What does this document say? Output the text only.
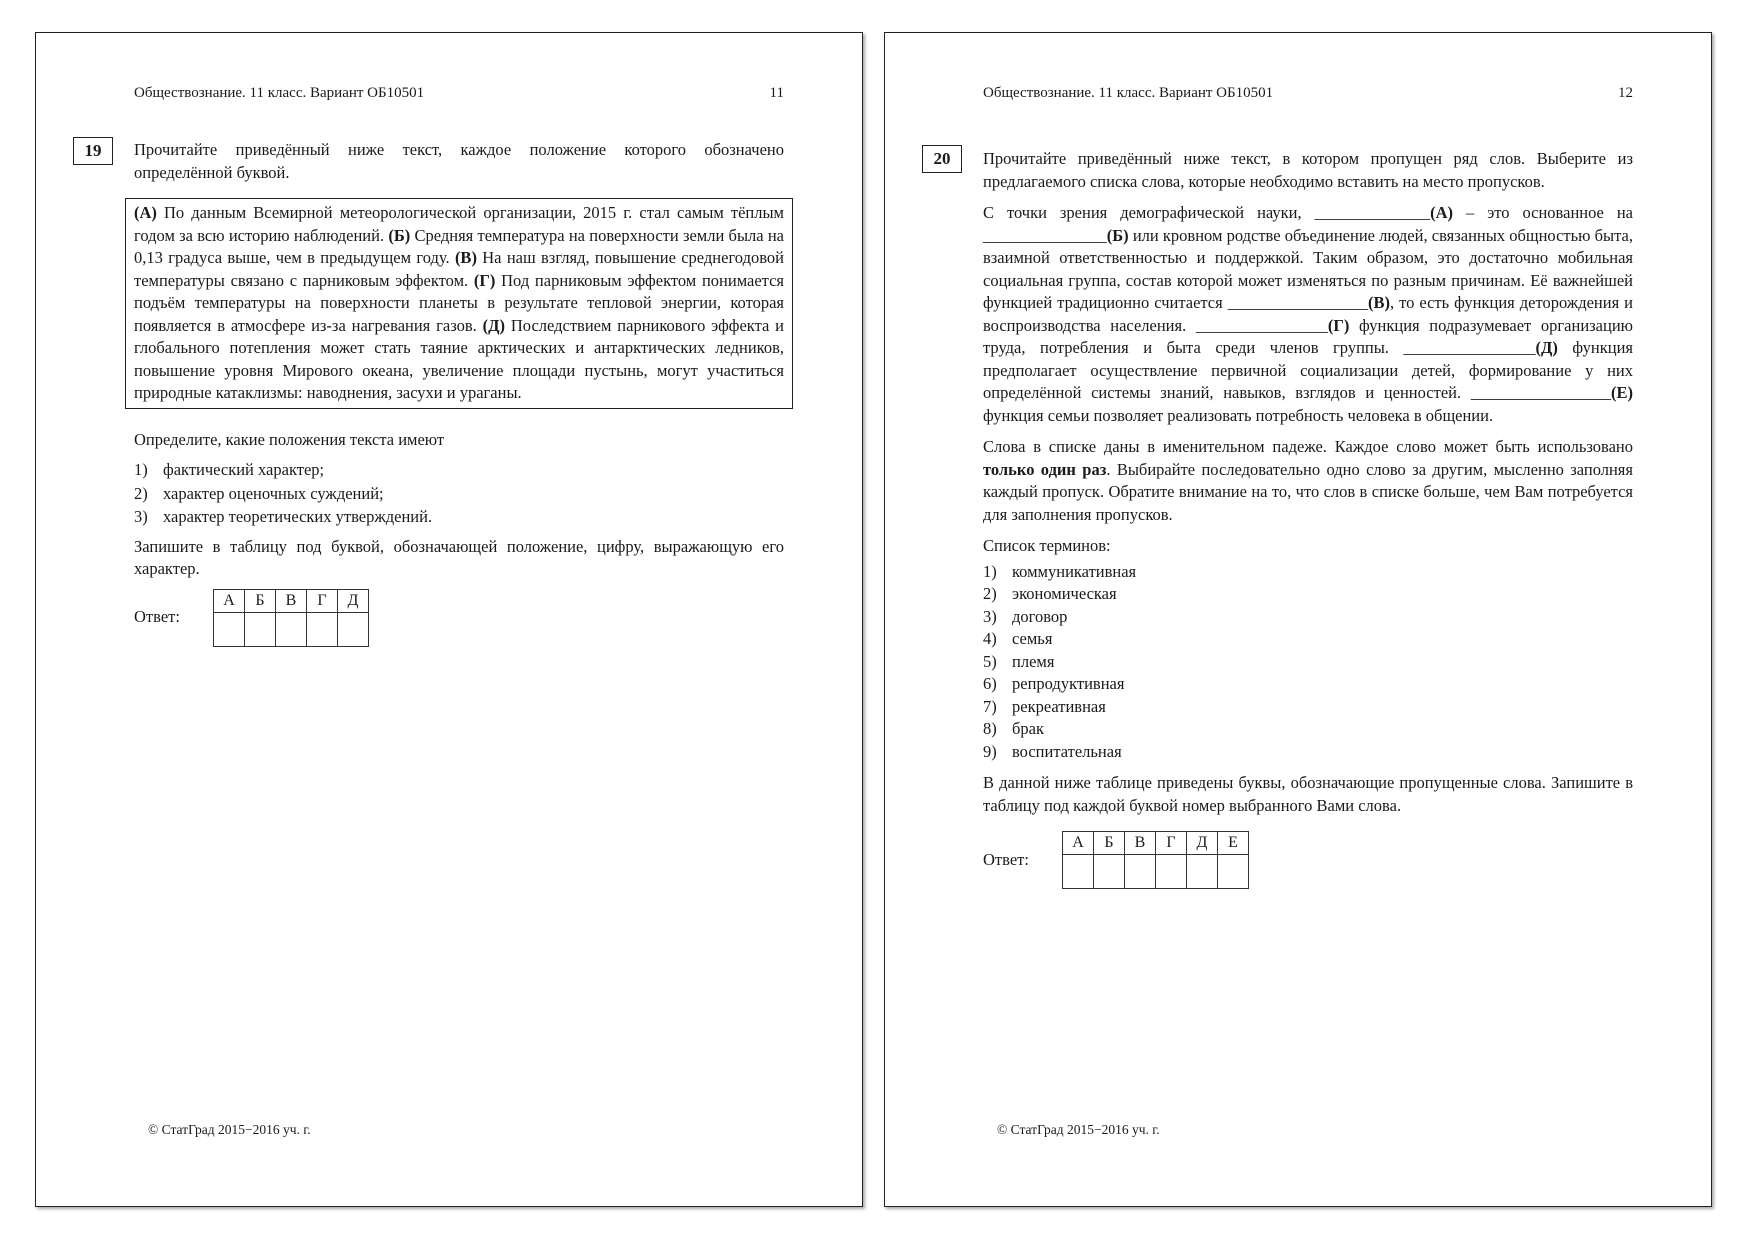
Обществознание. 11 класс. Вариант ОБ10501	11
19	Прочитайте приведённый ниже текст, каждое положение которого обозначено определённой буквой.

(А) По данным Всемирной метеорологической организации, 2015 г. стал самым тёплым годом за всю историю наблюдений. (Б) Средняя температура на поверхности земли была на 0,13 градуса выше, чем в предыдущем году. (В) На наш взгляд, повышение среднегодовой температуры связано с парниковым эффектом. (Г) Под парниковым эффектом понимается подъём температуры на поверхности планеты в результате тепловой энергии, которая появляется в атмосфере из-за нагревания газов. (Д) Последствием парникового эффекта и глобального потепления может стать таяние арктических и антарктических ледников, повышение уровня Мирового океана, увеличение площади пустынь, могут участиться природные катаклизмы: наводнения, засухи и ураганы.

Определите, какие положения текста имеют

1) фактический характер;
2) характер оценочных суждений;
3) характер теоретических утверждений.

Запишите в таблицу под буквой, обозначающей положение, цифру, выражающую его характер.

Ответ:
А	Б	В	Г	Д

© СтатГрад 2015−2016 уч. г.
Обществознание. 11 класс. Вариант ОБ10501	12
20	Прочитайте приведённый ниже текст, в котором пропущен ряд слов. Выберите из предлагаемого списка слова, которые необходимо вставить на место пропусков.

С точки зрения демографической науки, ______________(А) – это основанное на _______________(Б) или кровном родстве объединение людей, связанных общностью быта, взаимной ответственностью и поддержкой. Таким образом, это достаточно мобильная социальная группа, состав которой может изменяться по разным причинам. Её важнейшей функцией традиционно считается _________________(В), то есть функция деторождения и воспроизводства населения. ________________(Г) функция подразумевает организацию труда, потребления и быта среди членов группы. ________________(Д) функция предполагает осуществление первичной социализации детей, формирование у них определённой системы знаний, навыков, взглядов и ценностей. _________________(Е) функция семьи позволяет реализовать потребность человека в общении.

Слова в списке даны в именительном падеже. Каждое слово может быть использовано только один раз. Выбирайте последовательно одно слово за другим, мысленно заполняя каждый пропуск. Обратите внимание на то, что слов в списке больше, чем Вам потребуется для заполнения пропусков.

Список терминов:

1) коммуникативная
2) экономическая
3) договор
4) семья
5) племя
6) репродуктивная
7) рекреативная
8) брак
9) воспитательная

В данной ниже таблице приведены буквы, обозначающие пропущенные слова. Запишите в таблицу под каждой буквой номер выбранного Вами слова.

Ответ:
А	Б	В	Г	Д	Е

© СтатГрад 2015−2016 уч. г.
